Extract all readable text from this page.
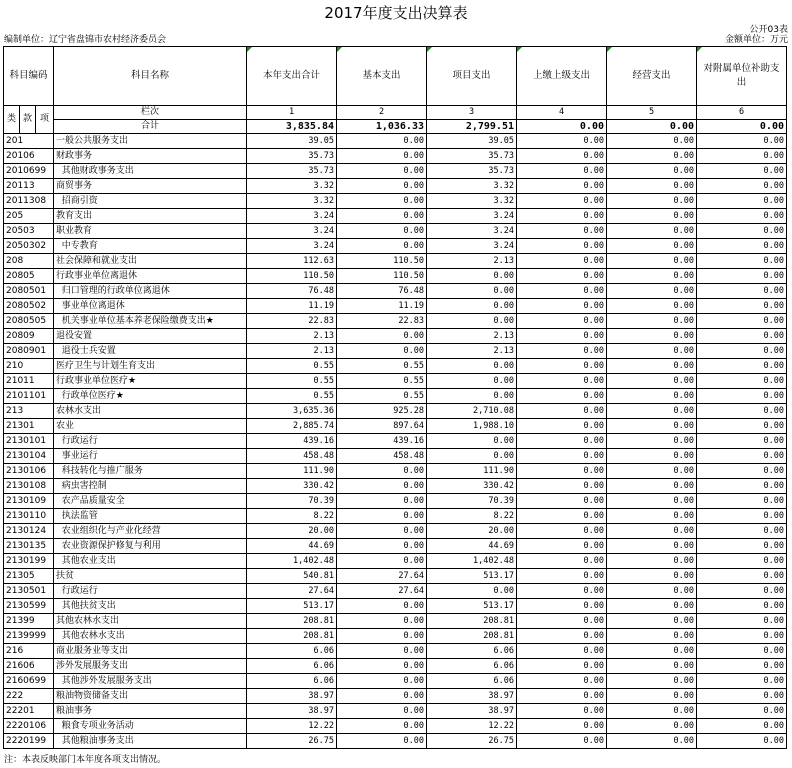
2017年度支出决算表
公开03表
编制单位：辽宁省盘锦市农村经济委员会	金额单位：万元
科目编码			科目名称	本年支出合计	基本支出	项目支出	上缴上级支出	经营支出	对附属单位补助支出
类	款	项	栏次	1	2	3	4	5	6
			合计	3,835.84	1,036.33	2,799.51	0.00	0.00	0.00
201			一般公共服务支出	39.05	0.00	39.05	0.00	0.00	0.00
20106			财政事务	35.73	0.00	35.73	0.00	0.00	0.00
2010699			其他财政事务支出	35.73	0.00	35.73	0.00	0.00	0.00
20113			商贸事务	3.32	0.00	3.32	0.00	0.00	0.00
2011308			招商引资	3.32	0.00	3.32	0.00	0.00	0.00
205			教育支出	3.24	0.00	3.24	0.00	0.00	0.00
20503			职业教育	3.24	0.00	3.24	0.00	0.00	0.00
2050302			中专教育	3.24	0.00	3.24	0.00	0.00	0.00
208			社会保障和就业支出	112.63	110.50	2.13	0.00	0.00	0.00
20805			行政事业单位离退休	110.50	110.50	0.00	0.00	0.00	0.00
2080501			归口管理的行政单位离退休	76.48	76.48	0.00	0.00	0.00	0.00
2080502			事业单位离退休	11.19	11.19	0.00	0.00	0.00	0.00
2080505			机关事业单位基本养老保险缴费支出★	22.83	22.83	0.00	0.00	0.00	0.00
20809			退役安置	2.13	0.00	2.13	0.00	0.00	0.00
2080901			退役士兵安置	2.13	0.00	2.13	0.00	0.00	0.00
210			医疗卫生与计划生育支出	0.55	0.55	0.00	0.00	0.00	0.00
21011			行政事业单位医疗★	0.55	0.55	0.00	0.00	0.00	0.00
2101101			行政单位医疗★	0.55	0.55	0.00	0.00	0.00	0.00
213			农林水支出	3,635.36	925.28	2,710.08	0.00	0.00	0.00
21301			农业	2,885.74	897.64	1,988.10	0.00	0.00	0.00
2130101			行政运行	439.16	439.16	0.00	0.00	0.00	0.00
2130104			事业运行	458.48	458.48	0.00	0.00	0.00	0.00
2130106			科技转化与推广服务	111.90	0.00	111.90	0.00	0.00	0.00
2130108			病虫害控制	330.42	0.00	330.42	0.00	0.00	0.00
2130109			农产品质量安全	70.39	0.00	70.39	0.00	0.00	0.00
2130110			执法监管	8.22	0.00	8.22	0.00	0.00	0.00
2130124			农业组织化与产业化经营	20.00	0.00	20.00	0.00	0.00	0.00
2130135			农业资源保护修复与利用	44.69	0.00	44.69	0.00	0.00	0.00
2130199			其他农业支出	1,402.48	0.00	1,402.48	0.00	0.00	0.00
21305			扶贫	540.81	27.64	513.17	0.00	0.00	0.00
2130501			行政运行	27.64	27.64	0.00	0.00	0.00	0.00
2130599			其他扶贫支出	513.17	0.00	513.17	0.00	0.00	0.00
21399			其他农林水支出	208.81	0.00	208.81	0.00	0.00	0.00
2139999			其他农林水支出	208.81	0.00	208.81	0.00	0.00	0.00
216			商业服务业等支出	6.06	0.00	6.06	0.00	0.00	0.00
21606			涉外发展服务支出	6.06	0.00	6.06	0.00	0.00	0.00
2160699			其他涉外发展服务支出	6.06	0.00	6.06	0.00	0.00	0.00
222			粮油物资储备支出	38.97	0.00	38.97	0.00	0.00	0.00
22201			粮油事务	38.97	0.00	38.97	0.00	0.00	0.00
2220106			粮食专项业务活动	12.22	0.00	12.22	0.00	0.00	0.00
2220199			其他粮油事务支出	26.75	0.00	26.75	0.00	0.00	0.00
注：本表反映部门本年度各项支出情况。
